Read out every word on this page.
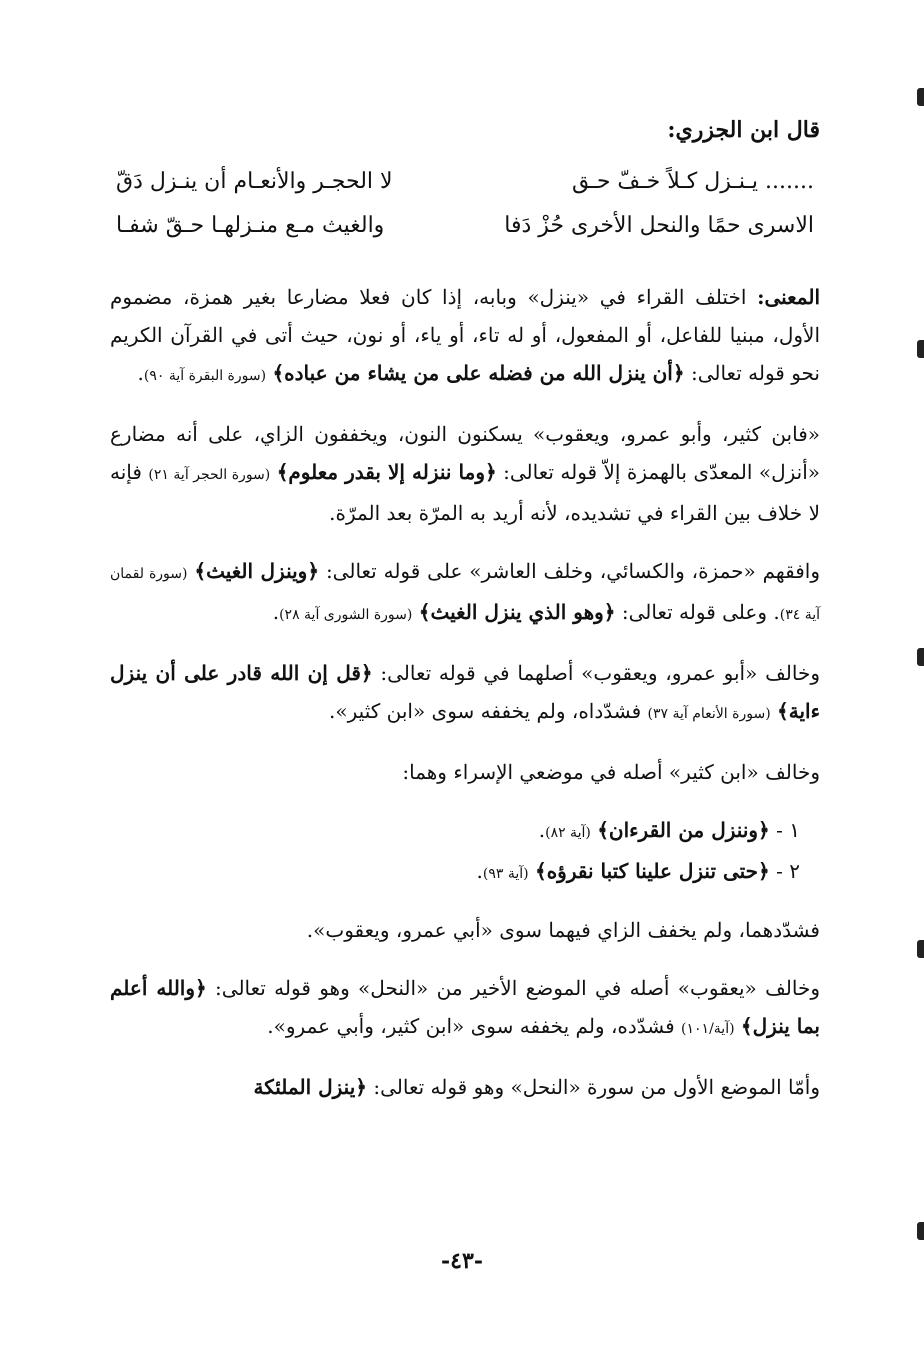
قال ابن الجزري:
....... يـنـزل كـلاً خـفّ حـق
لا الحجـر والأنعـام أن ينـزل دَقّ
الاسرى حمًا والنحل الأخرى حُزْ دَفا
والغيث مـع منـزلهـا حـقّ شفـا

المعنى: اختلف القراء في «ينزل» وبابه، إذا كان فعلا مضارعا بغير همزة، مضموم الأول، مبنيا للفاعل، أو المفعول، أو له تاء، أو ياء، أو نون، حيث أتى في القرآن الكريم نحو قوله تعالى: ﴿أن ينزل الله من فضله على من يشاء من عباده﴾ (سورة البقرة آية ٩٠).

«فابن كثير، وأبو عمرو، ويعقوب» يسكنون النون، ويخففون الزاي، على أنه مضارع «أنزل» المعدّى بالهمزة إلاّ قوله تعالى: ﴿وما ننزله إلا بقدر معلوم﴾ (سورة الحجر آية ٢١) فإنه لا خلاف بين القراء في تشديده، لأنه أريد به المرّة بعد المرّة.

وافقهم «حمزة، والكسائي، وخلف العاشر» على قوله تعالى: ﴿وينزل الغيث﴾ (سورة لقمان آية ٣٤). وعلى قوله تعالى: ﴿وهو الذي ينزل الغيث﴾ (سورة الشورى آية ٢٨).

وخالف «أبو عمرو، ويعقوب» أصلهما في قوله تعالى: ﴿قل إن الله قادر على أن ينزل ءاية﴾ (سورة الأنعام آية ٣٧) فشدّداه، ولم يخففه سوى «ابن كثير».

وخالف «ابن كثير» أصله في موضعي الإسراء وهما:

١ - ﴿وننزل من القرءان﴾ (آية ٨٢).
٢ - ﴿حتى تنزل علينا كتبا نقرؤه﴾ (آية ٩٣).

فشدّدهما، ولم يخفف الزاي فيهما سوى «أبي عمرو، ويعقوب».

وخالف «يعقوب» أصله في الموضع الأخير من «النحل» وهو قوله تعالى: ﴿والله أعلم بما ينزل﴾ (آية/١٠١) فشدّده، ولم يخففه سوى «ابن كثير، وأبي عمرو».

وأمّا الموضع الأول من سورة «النحل» وهو قوله تعالى: ﴿ينزل الملئكة

-٤٣-
